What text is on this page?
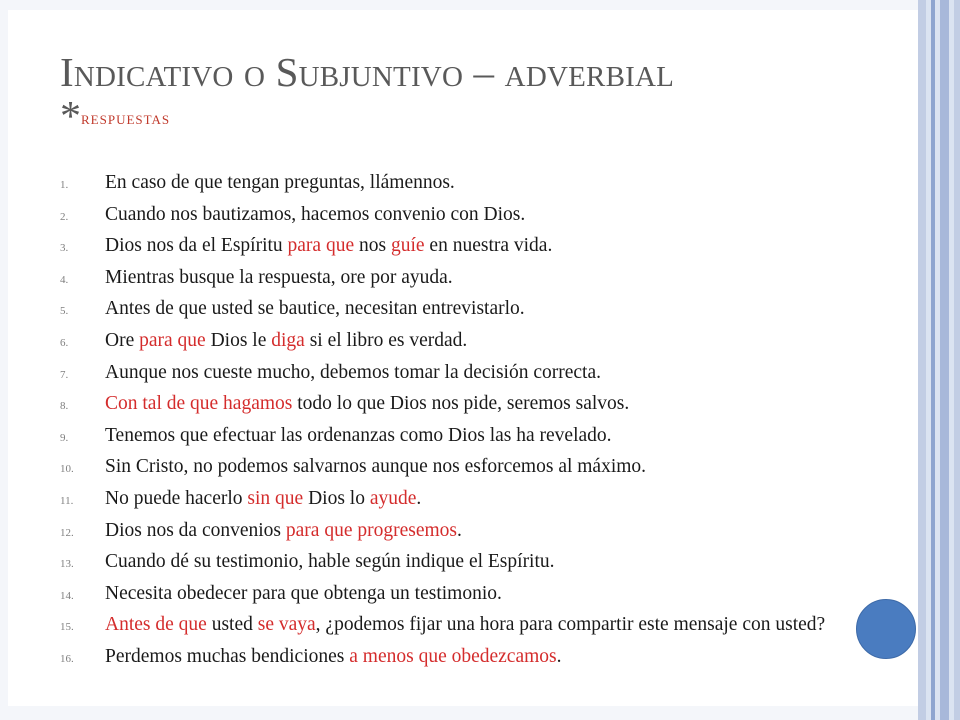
Indicativo o Subjuntivo – adverbial
*respuestas
1.	En caso de que tengan preguntas, llámennos.
2.	Cuando nos bautizamos, hacemos convenio con Dios.
3.	Dios nos da el Espíritu para que nos guíe en nuestra vida.
4.	Mientras busque la respuesta, ore por ayuda.
5.	Antes de que usted se bautice, necesitan entrevistarlo.
6.	Ore para que Dios le diga si el libro es verdad.
7.	Aunque nos cueste mucho, debemos tomar la decisión correcta.
8.	Con tal de que hagamos todo lo que Dios nos pide, seremos salvos.
9.	Tenemos que efectuar las ordenanzas como Dios las ha revelado.
10.	Sin Cristo, no podemos salvarnos aunque nos esforcemos al máximo.
11.	No puede hacerlo sin que Dios lo ayude.
12.	Dios nos da convenios para que progresemos.
13.	Cuando dé su testimonio, hable según indique el Espíritu.
14.	Necesita obedecer para que obtenga un testimonio.
15.	Antes de que usted se vaya, ¿podemos fijar una hora para compartir este mensaje con usted?
16.	Perdemos muchas bendiciones a menos que obedezcamos.
